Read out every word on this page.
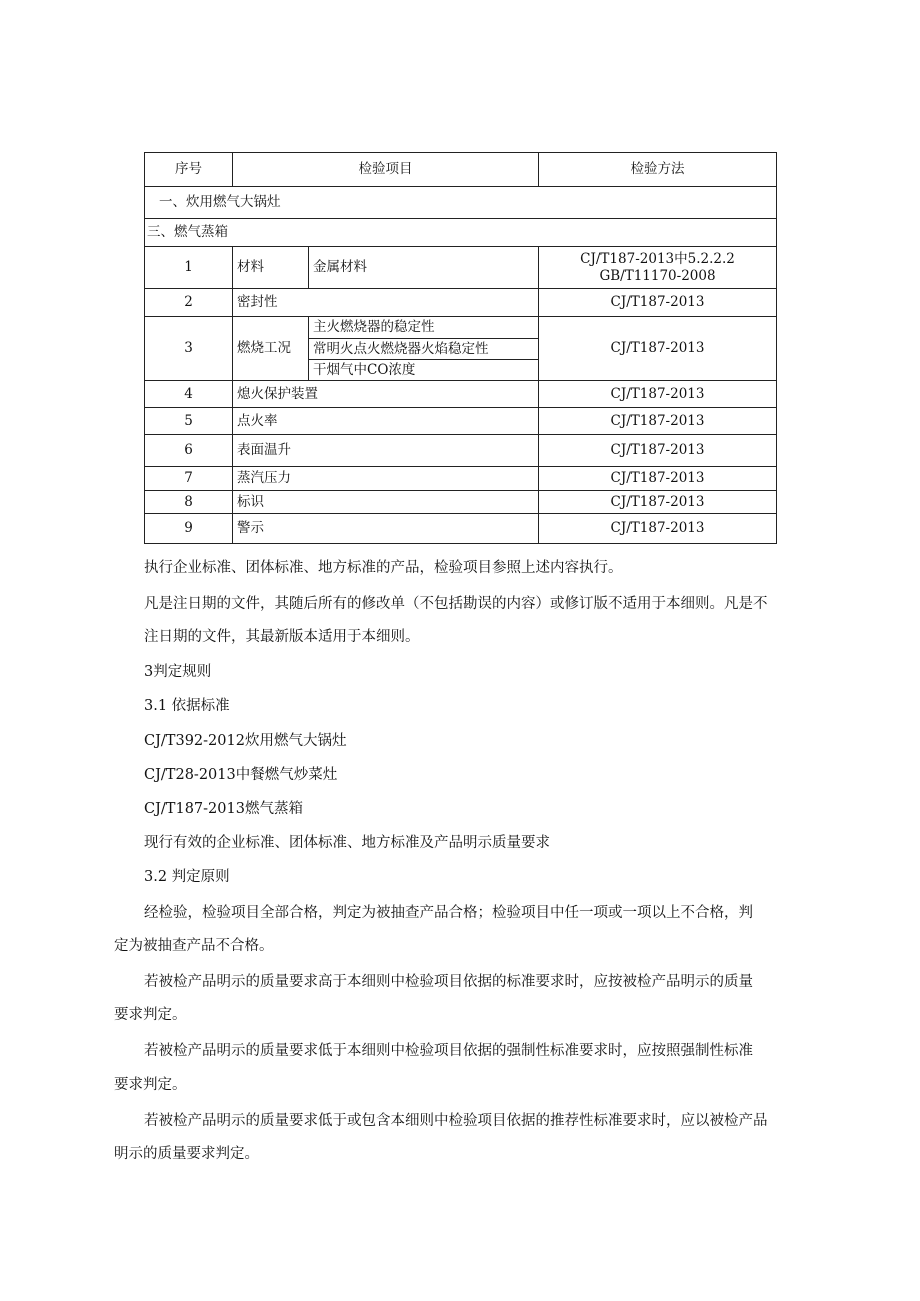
序号	检验项目		检验方法
一、炊用燃气大锅灶			
三、燃气蒸箱			
1	材料	金属材料	CJ/T187-2013中5.2.2.2
GB/T11170-2008

2	密封性		CJ/T187-2013
3	燃烧工况	主火燃烧器的稳定性	CJ/T187-2013
		常明火点火燃烧器火焰稳定性	
		干烟气中CO浓度	
4	熄火保护装置		CJ/T187-2013
5	点火率		CJ/T187-2013
6	表面温升		CJ/T187-2013
7	蒸汽压力		CJ/T187-2013
8	标识		CJ/T187-2013
9	警示		CJ/T187-2013

执行企业标准、团体标准、地方标准的产品，检验项目参照上述内容执行。

凡是注日期的文件，其随后所有的修改单（不包括勘误的内容）或修订版不适用于本细则。凡是不

注日期的文件，其最新版本适用于本细则。

3判定规则

3.1 依据标准

CJ/T392-2012炊用燃气大锅灶

CJ/T28-2013中餐燃气炒菜灶

CJ/T187-2013燃气蒸箱

现行有效的企业标准、团体标准、地方标准及产品明示质量要求

3.2 判定原则

经检验，检验项目全部合格，判定为被抽查产品合格；检验项目中任一项或一项以上不合格，判

定为被抽查产品不合格。

若被检产品明示的质量要求高于本细则中检验项目依据的标准要求时，应按被检产品明示的质量

要求判定。

若被检产品明示的质量要求低于本细则中检验项目依据的强制性标准要求时，应按照强制性标准

要求判定。

若被检产品明示的质量要求低于或包含本细则中检验项目依据的推荐性标准要求时，应以被检产品

明示的质量要求判定。
